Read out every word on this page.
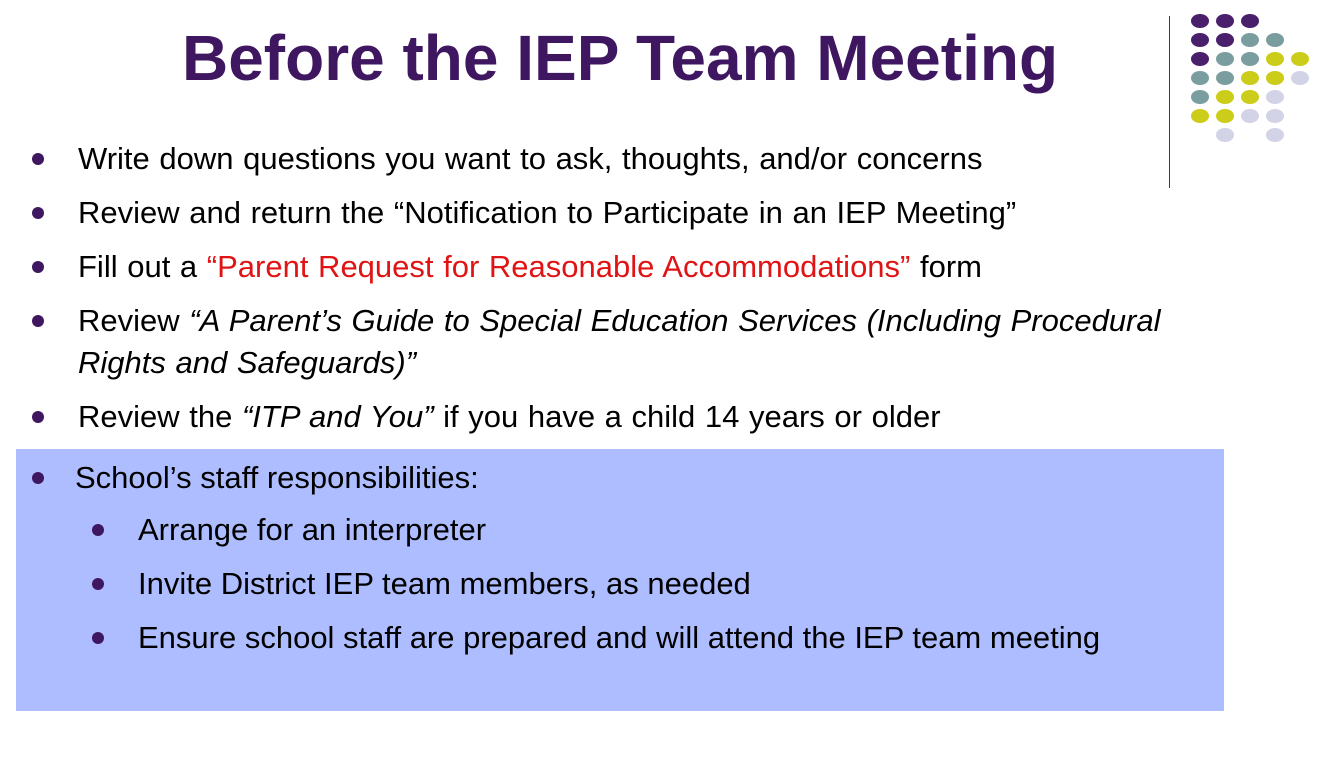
Before the IEP Team Meeting
Write down questions you want to ask, thoughts, and/or concerns
Review and return the “Notification to Participate in an IEP Meeting”
Fill out a “Parent Request for Reasonable Accommodations” form
Review “A Parent’s Guide to Special Education Services (Including Procedural Rights and Safeguards)”
Review the “ITP and You” if you have a child 14 years or older
School’s staff responsibilities:
Arrange for an interpreter
Invite District IEP team members, as needed
Ensure school staff are prepared and will attend the IEP team meeting
